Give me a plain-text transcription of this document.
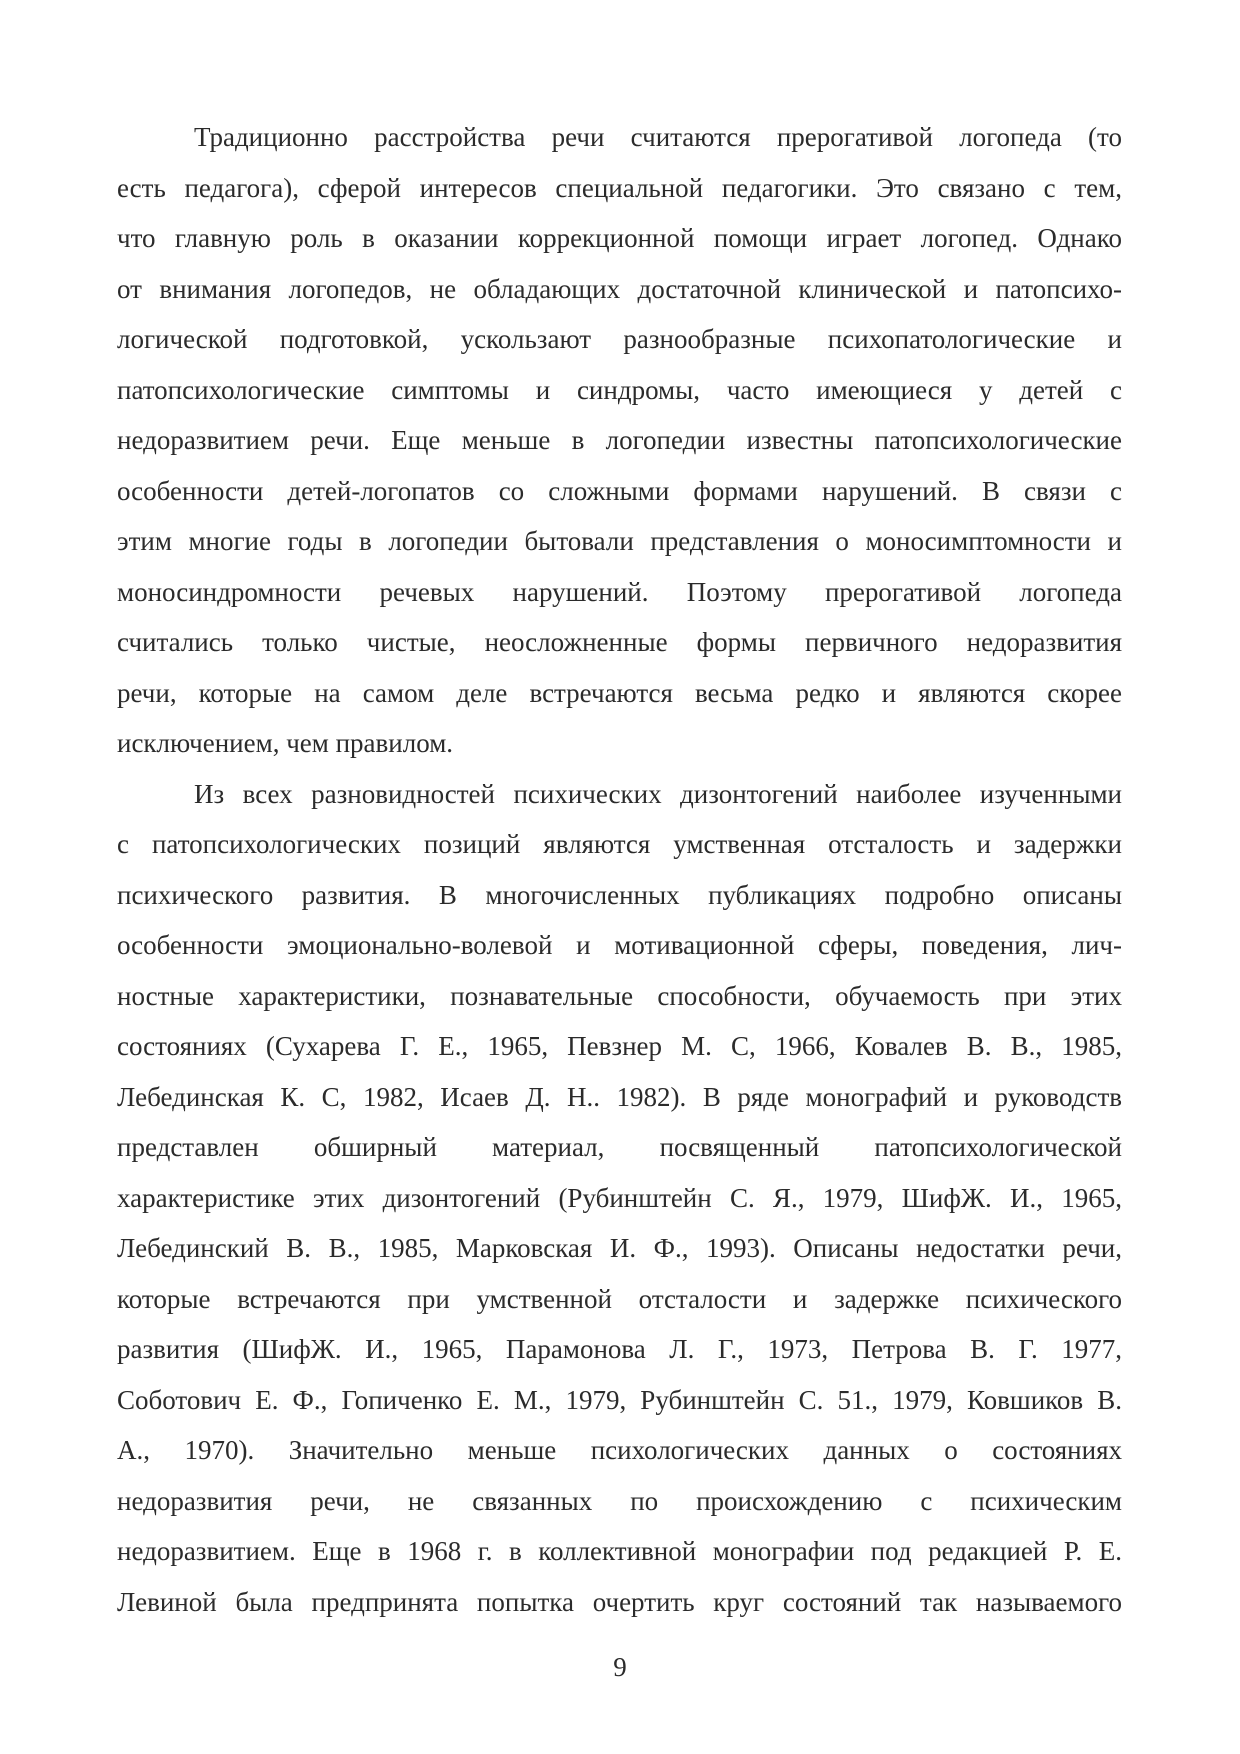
Традиционно расстройства речи считаются прерогативой логопеда (то
есть педагога), сферой интересов специальной педагогики. Это связано с тем,
что главную роль в оказании коррекционной помощи играет логопед. Однако
от внимания логопедов, не обладающих достаточной клинической и патопсихо-
логической подготовкой, ускользают разнообразные психопатологические и
патопсихологические симптомы и синдромы, часто имеющиеся у детей с
недоразвитием речи. Еще меньше в логопедии известны патопсихологические
особенности детей-логопатов со сложными формами нарушений. В связи с
этим многие годы в логопедии бытовали представления о моносимптомности и
моносиндромности речевых нарушений. Поэтому прерогативой логопеда
считались только чистые, неосложненные формы первичного недоразвития
речи, которые на самом деле встречаются весьма редко и являются скорее
исключением, чем правилом.
Из всех разновидностей психических дизонтогений наиболее изученными
с патопсихологических позиций являются умственная отсталость и задержки
психического развития. В многочисленных публикациях подробно описаны
особенности эмоционально-волевой и мотивационной сферы, поведения, лич-
ностные характеристики, познавательные способности, обучаемость при этих
состояниях (Сухарева Г. Е., 1965, Певзнер М. С, 1966, Ковалев В. В., 1985,
Лебединская К. С, 1982, Исаев Д. Н.. 1982). В ряде монографий и руководств
представлен обширный материал, посвященный патопсихологической
характеристике этих дизонтогений (Рубинштейн С. Я., 1979, ШифЖ. И., 1965,
Лебединский В. В., 1985, Марковская И. Ф., 1993). Описаны недостатки речи,
которые встречаются при умственной отсталости и задержке психического
развития (ШифЖ. И., 1965, Парамонова Л. Г., 1973, Петрова В. Г. 1977,
Соботович Е. Ф., Гопиченко Е. М., 1979, Рубинштейн С. 51., 1979, Ковшиков В.
А., 1970). Значительно меньше психологических данных о состояниях
недоразвития речи, не связанных по происхождению с психическим
недоразвитием. Еще в 1968 г. в коллективной монографии под редакцией Р. Е.
Левиной была предпринята попытка очертить круг состояний так называемого
9
